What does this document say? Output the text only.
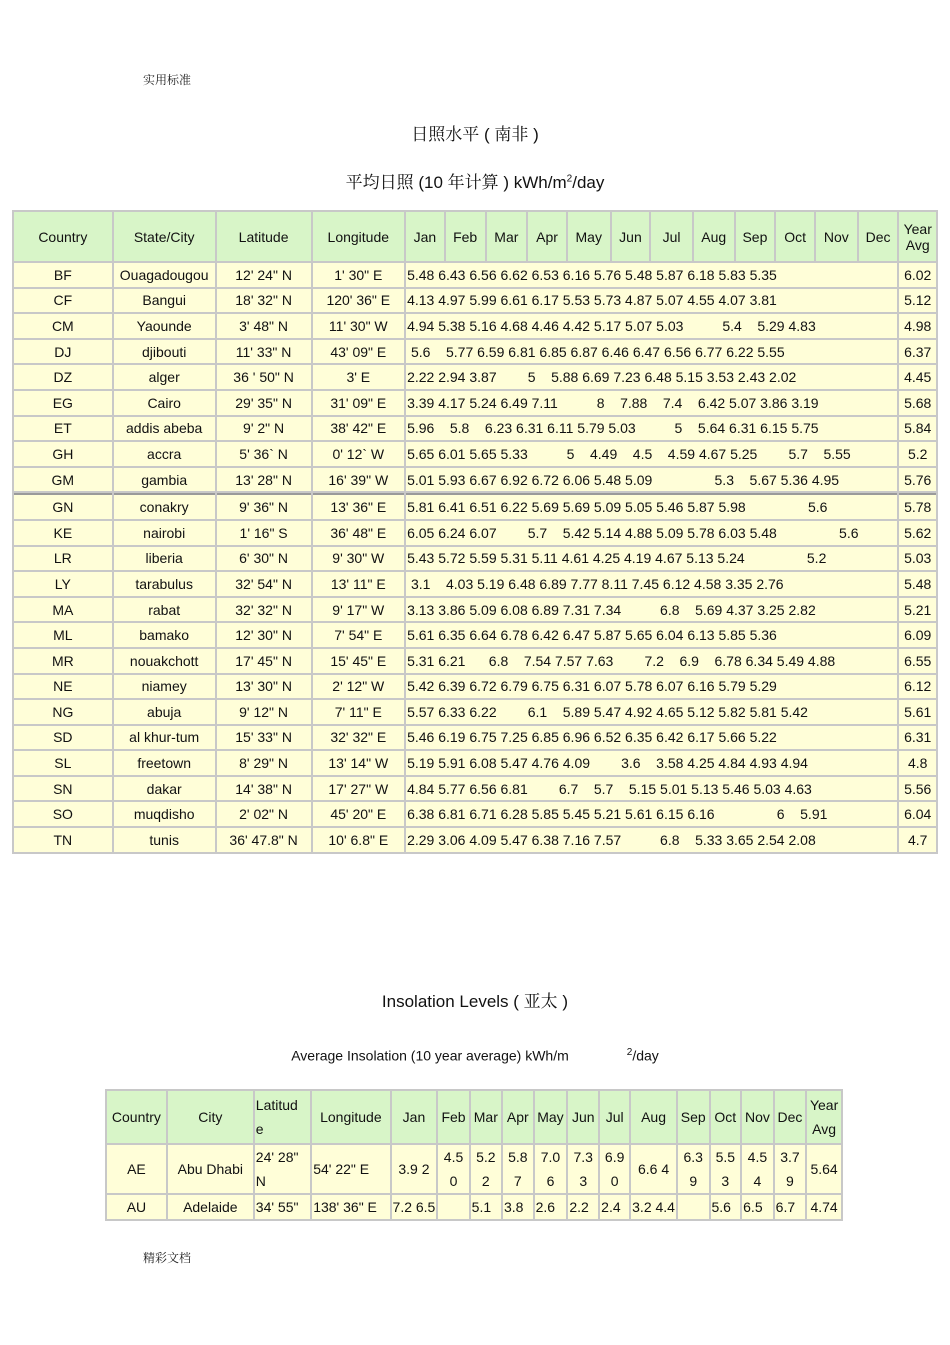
实用标准
日照水平 ( 南非 )
平均日照 (10 年计算 ) kWh/$m^2$/day
Country	State/City	Latitude	Longitude	Jan	Feb	Mar	Apr	May	Jun	Jul	Aug	Sep	Oct	Nov	Dec	Year Avg
BF	Ouagadougou	12' 24" N	1' 30" E	5.48 6.43 6.56 6.62 6.53 6.16 5.76 5.48 5.87 6.18 5.83 5.35												6.02
CF	Bangui	18' 32" N	120' 36" E	4.13 4.97 5.99 6.61 6.17 5.53 5.73 4.87 5.07 4.55 4.07 3.81												5.12
CM	Yaounde	3' 48" N	11' 30" W	4.94 5.38 5.16 4.68 4.46 4.42 5.17 5.07 5.03          5.4    5.29 4.83												4.98
DJ	djibouti	11' 33" N	43' 09" E	5.6    5.77 6.59 6.81 6.85 6.87 6.46 6.47 6.56 6.77 6.22 5.55												6.37
DZ	alger	36 ' 50" N	3' E	2.22 2.94 3.87        5    5.88 6.69 7.23 6.48 5.15 3.53 2.43 2.02												4.45
EG	Cairo	29' 35" N	31' 09" E	3.39 4.17 5.24 6.49 7.11          8    7.88    7.4    6.42 5.07 3.86 3.19												5.68
ET	addis abeba	9' 2" N	38' 42" E	5.96    5.8    6.23 6.31 6.11 5.79 5.03          5    5.64 6.31 6.15 5.75												5.84
GH	accra	5' 36` N	0' 12` W	5.65 6.01 5.65 5.33          5    4.49    4.5    4.59 4.67 5.25        5.7    5.55												5.2
GM	gambia	13' 28" N	16' 39" W	5.01 5.93 6.67 6.92 6.72 6.06 5.48 5.09                5.3    5.67 5.36 4.95												5.76
GN	conakry	9' 36" N	13' 36" E	5.81 6.41 6.51 6.22 5.69 5.69 5.09 5.05 5.46 5.87 5.98                5.6												5.78
KE	nairobi	1' 16" S	36' 48" E	6.05 6.24 6.07        5.7    5.42 5.14 4.88 5.09 5.78 6.03 5.48                5.6												5.62
LR	liberia	6' 30" N	9' 30" W	5.43 5.72 5.59 5.31 5.11 4.61 4.25 4.19 4.67 5.13 5.24                5.2												5.03
LY	tarabulus	32' 54" N	13' 11" E	3.1    4.03 5.19 6.48 6.89 7.77 8.11 7.45 6.12 4.58 3.35 2.76												5.48
MA	rabat	32' 32" N	9' 17" W	3.13 3.86 5.09 6.08 6.89 7.31 7.34          6.8    5.69 4.37 3.25 2.82												5.21
ML	bamako	12' 30" N	7' 54" E	5.61 6.35 6.64 6.78 6.42 6.47 5.87 5.65 6.04 6.13 5.85 5.36												6.09
MR	nouakchott	17' 45" N	15' 45" E	5.31 6.21      6.8    7.54 7.57 7.63        7.2    6.9    6.78 6.34 5.49 4.88												6.55
NE	niamey	13' 30" N	2' 12" W	5.42 6.39 6.72 6.79 6.75 6.31 6.07 5.78 6.07 6.16 5.79 5.29												6.12
NG	abuja	9' 12" N	7' 11" E	5.57 6.33 6.22        6.1    5.89 5.47 4.92 4.65 5.12 5.82 5.81 5.42												5.61
SD	al khur-tum	15' 33" N	32' 32" E	5.46 6.19 6.75 7.25 6.85 6.96 6.52 6.35 6.42 6.17 5.66 5.22												6.31
SL	freetown	8' 29" N	13' 14" W	5.19 5.91 6.08 5.47 4.76 4.09        3.6    3.58 4.25 4.84 4.93 4.94												4.8
SN	dakar	14' 38" N	17' 27" W	4.84 5.77 6.56 6.81        6.7    5.7    5.15 5.01 5.13 5.46 5.03 4.63												5.56
SO	muqdisho	2' 02" N	45' 20" E	6.38 6.81 6.71 6.28 5.85 5.45 5.21 5.61 6.15 6.16                6    5.91												6.04
TN	tunis	36' 47.8" N	10' 6.8" E	2.29 3.06 4.09 5.47 6.38 7.16 7.57          6.8    5.33 3.65 2.54 2.08												4.7
Insolation Levels ( 亚太 )
Average Insolation (10 year average) kWh/m	$^2$/day
Country	City	Latitud e	Longitude	Jan	Feb	Mar	Apr	May	Jun	Jul	Aug	Sep	Oct	Nov	Dec	Year Avg
AE	Abu Dhabi	24' 28" N	54' 22" E	3.9 2	4.5 0	5.2 2	5.8 7	7.0 6	7.3 3	6.9 0	6.6 4	6.3 9	5.5 3	4.5 4	3.7 9	5.64
AU	Adelaide	34' 55"	138' 36" E	7.2 6.5		5.1	3.8	2.6	2.2	2.4	3.2 4.4		5.6	6.5	6.7	4.74
精彩文档
